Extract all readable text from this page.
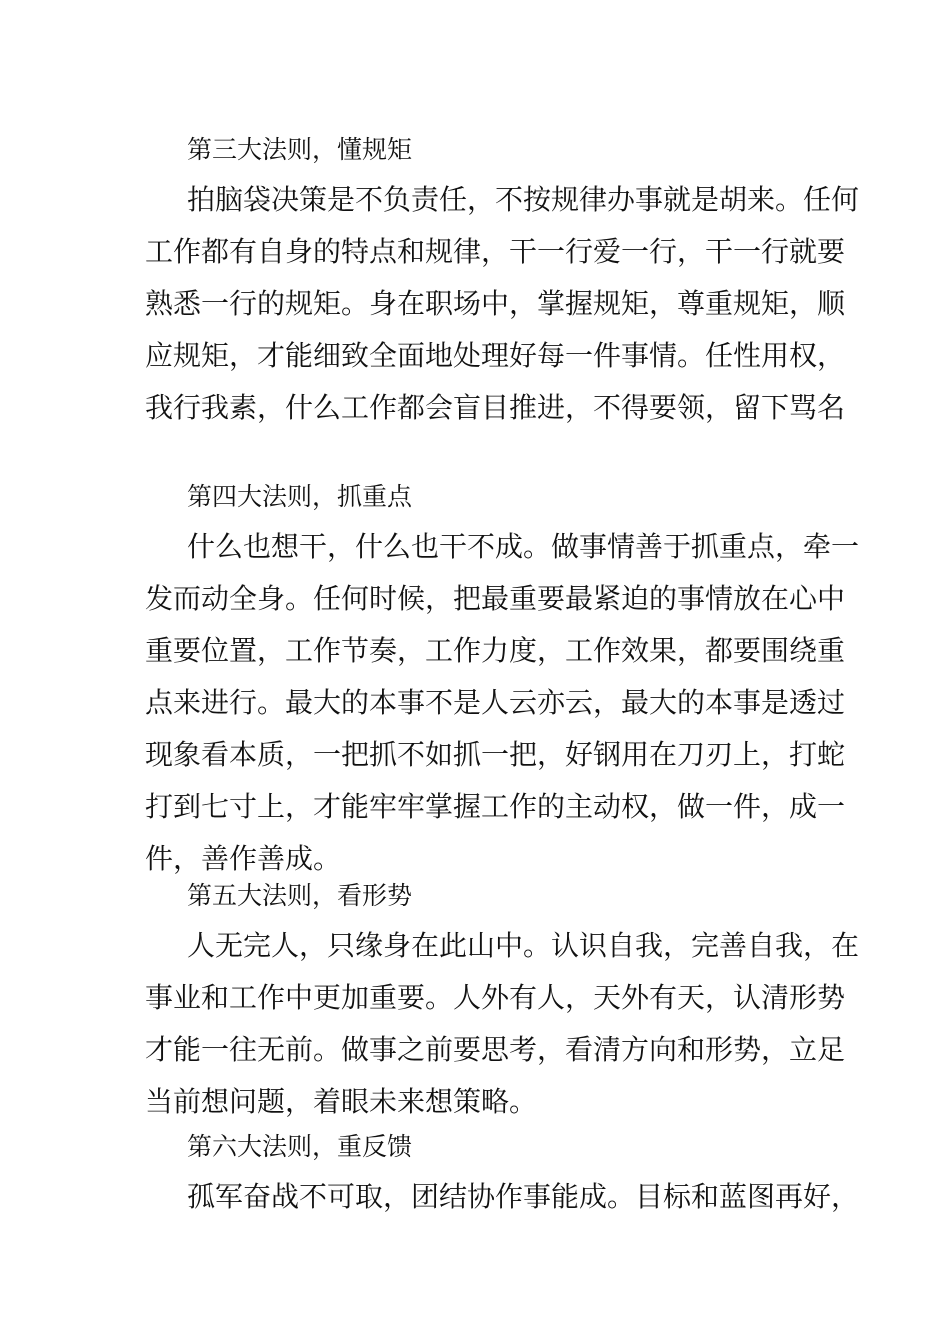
第三大法则，懂规矩
拍脑袋决策是不负责任，不按规律办事就是胡来。任何
工作都有自身的特点和规律，干一行爱一行，干一行就要
熟悉一行的规矩。身在职场中，掌握规矩，尊重规矩，顺
应规矩，才能细致全面地处理好每一件事情。任性用权，
我行我素，什么工作都会盲目推进，不得要领，留下骂名
第四大法则，抓重点
什么也想干，什么也干不成。做事情善于抓重点，牵一
发而动全身。任何时候，把最重要最紧迫的事情放在心中
重要位置，工作节奏，工作力度，工作效果，都要围绕重
点来进行。最大的本事不是人云亦云，最大的本事是透过
现象看本质，一把抓不如抓一把，好钢用在刀刃上，打蛇
打到七寸上，才能牢牢掌握工作的主动权，做一件，成一
件，善作善成。
第五大法则，看形势
人无完人，只缘身在此山中。认识自我，完善自我，在
事业和工作中更加重要。人外有人，天外有天，认清形势
才能一往无前。做事之前要思考，看清方向和形势，立足
当前想问题，着眼未来想策略。
第六大法则，重反馈
孤军奋战不可取，团结协作事能成。目标和蓝图再好，
